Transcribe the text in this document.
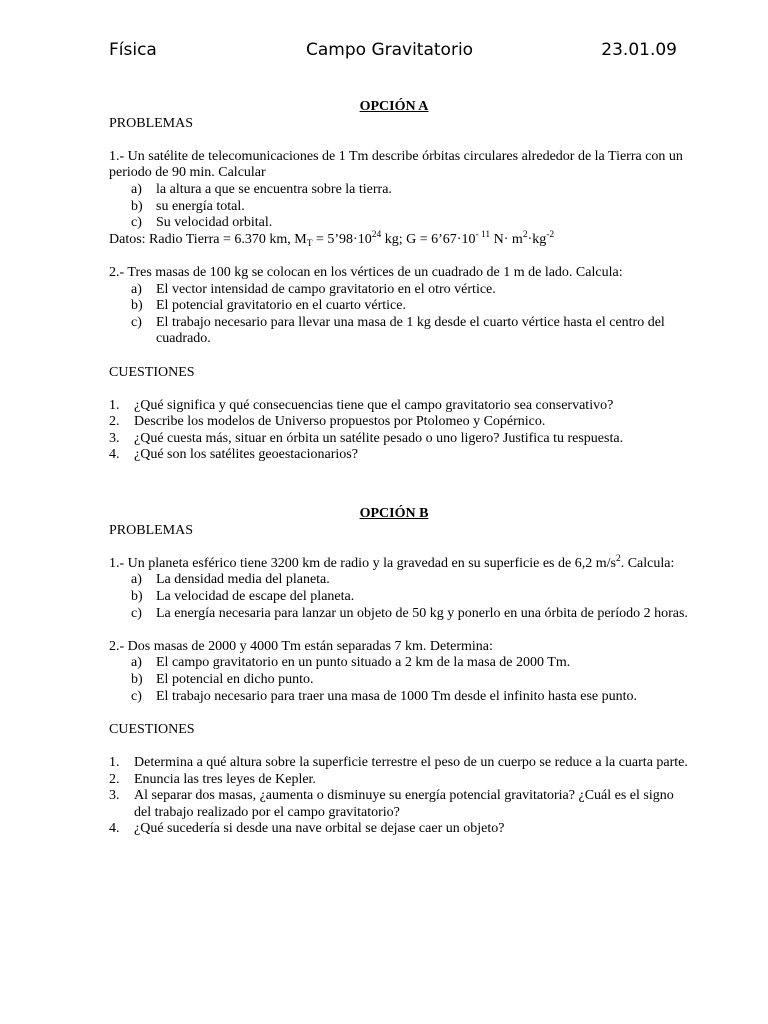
Física	Campo Gravitatorio	23.01.09
OPCIÓN A
PROBLEMAS
1.- Un satélite de telecomunicaciones de 1 Tm describe órbitas circulares alrededor de la Tierra con un periodo de 90 min. Calcular
a) la altura a que se encuentra sobre la tierra.
b) su energía total.
c) Su velocidad orbital.
Datos: Radio Tierra = 6.370 km, $M_T$ = $5’98\cdot 10^{24}$ kg; $G = 6’67\cdot 10^{- 11}$ $N\cdot m^2\cdot kg^{-2}$
2.- Tres masas de 100 kg se colocan en los vértices de un cuadrado de 1 m de lado. Calcula:
a) El vector intensidad de campo gravitatorio en el otro vértice.
b) El potencial gravitatorio en el cuarto vértice.
c) El trabajo necesario para llevar una masa de 1 kg desde el cuarto vértice hasta el centro del cuadrado.
CUESTIONES
1. ¿Qué significa y qué consecuencias tiene que el campo gravitatorio sea conservativo?
2. Describe los modelos de Universo propuestos por Ptolomeo y Copérnico.
3. ¿Qué cuesta más, situar en órbita un satélite pesado o uno ligero? Justifica tu respuesta.
4. ¿Qué son los satélites geoestacionarios?
OPCIÓN B
PROBLEMAS
1.- Un planeta esférico tiene 3200 km de radio y la gravedad en su superficie es de 6,2 $m/s^2$. Calcula:
a) La densidad media del planeta.
b) La velocidad de escape del planeta.
c) La energía necesaria para lanzar un objeto de 50 kg y ponerlo en una órbita de período 2 horas.
2.- Dos masas de 2000 y 4000 Tm están separadas 7 km. Determina:
a) El campo gravitatorio en un punto situado a 2 km de la masa de 2000 Tm.
b) El potencial en dicho punto.
c) El trabajo necesario para traer una masa de 1000 Tm desde el infinito hasta ese punto.
CUESTIONES
1. Determina a qué altura sobre la superficie terrestre el peso de un cuerpo se reduce a la cuarta parte.
2. Enuncia las tres leyes de Kepler.
3. Al separar dos masas, ¿aumenta o disminuye su energía potencial gravitatoria? ¿Cuál es el signo del trabajo realizado por el campo gravitatorio?
4. ¿Qué sucedería si desde una nave orbital se dejase caer un objeto?
